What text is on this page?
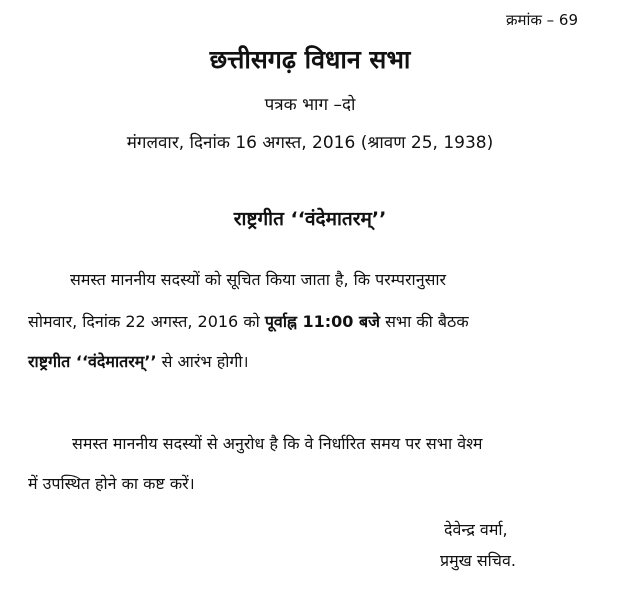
क्रमांक – 69
छत्तीसगढ़ विधान सभा
पत्रक भाग –दो
मंगलवार, दिनांक 16 अगस्त, 2016 (श्रावण 25, 1938)
राष्ट्रगीत ‘‘वंदेमातरम्’’
समस्त माननीय सदस्यों को सूचित किया जाता है, कि परम्परानुसार
सोमवार, दिनांक 22 अगस्त, 2016 को पूर्वाह्न 11:00 बजे सभा की बैठक
राष्ट्रगीत ‘‘वंदेमातरम्’’ से आरंभ होगी।
समस्त माननीय सदस्यों से अनुरोध है कि वे निर्धारित समय पर सभा वेश्म
में उपस्थित होने का कष्ट करें।
देवेन्द्र वर्मा,
प्रमुख सचिव.
